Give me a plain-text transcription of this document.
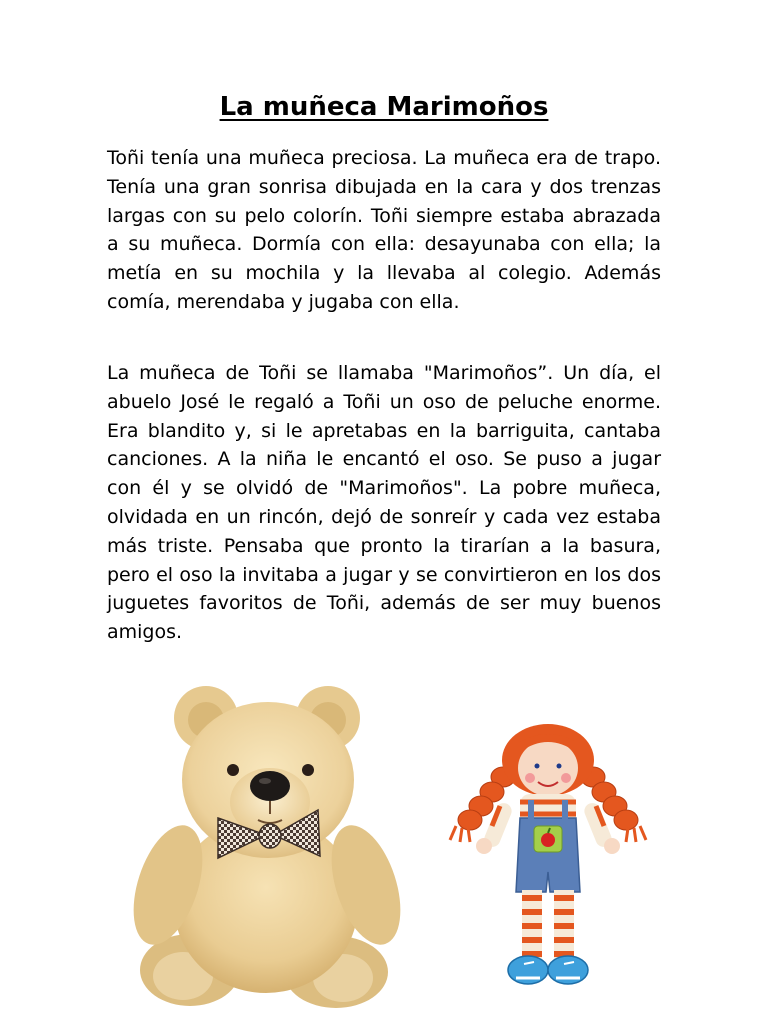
La muñeca Marimoños

Toñi tenía una muñeca preciosa. La muñeca era de trapo. Tenía una gran sonrisa dibujada en la cara y dos trenzas largas con su pelo colorín. Toñi siempre estaba abrazada a su muñeca. Dormía con ella: desayunaba con ella; la metía en su mochila y la llevaba al colegio. Además comía, merendaba y jugaba con ella.

La muñeca de Toñi se llamaba "Marimoños”. Un día, el abuelo José le regaló a Toñi un oso de peluche enorme. Era blandito y, si le apretabas en la barriguita, cantaba canciones. A la niña le encantó el oso. Se puso a jugar con él y se olvidó de "Marimoños". La pobre muñeca, olvidada en un rincón, dejó de sonreír y cada vez estaba más triste. Pensaba que pronto la tirarían a la basura, pero el oso la invitaba a jugar y se convirtieron en los dos juguetes favoritos de Toñi, además de ser muy buenos amigos.
